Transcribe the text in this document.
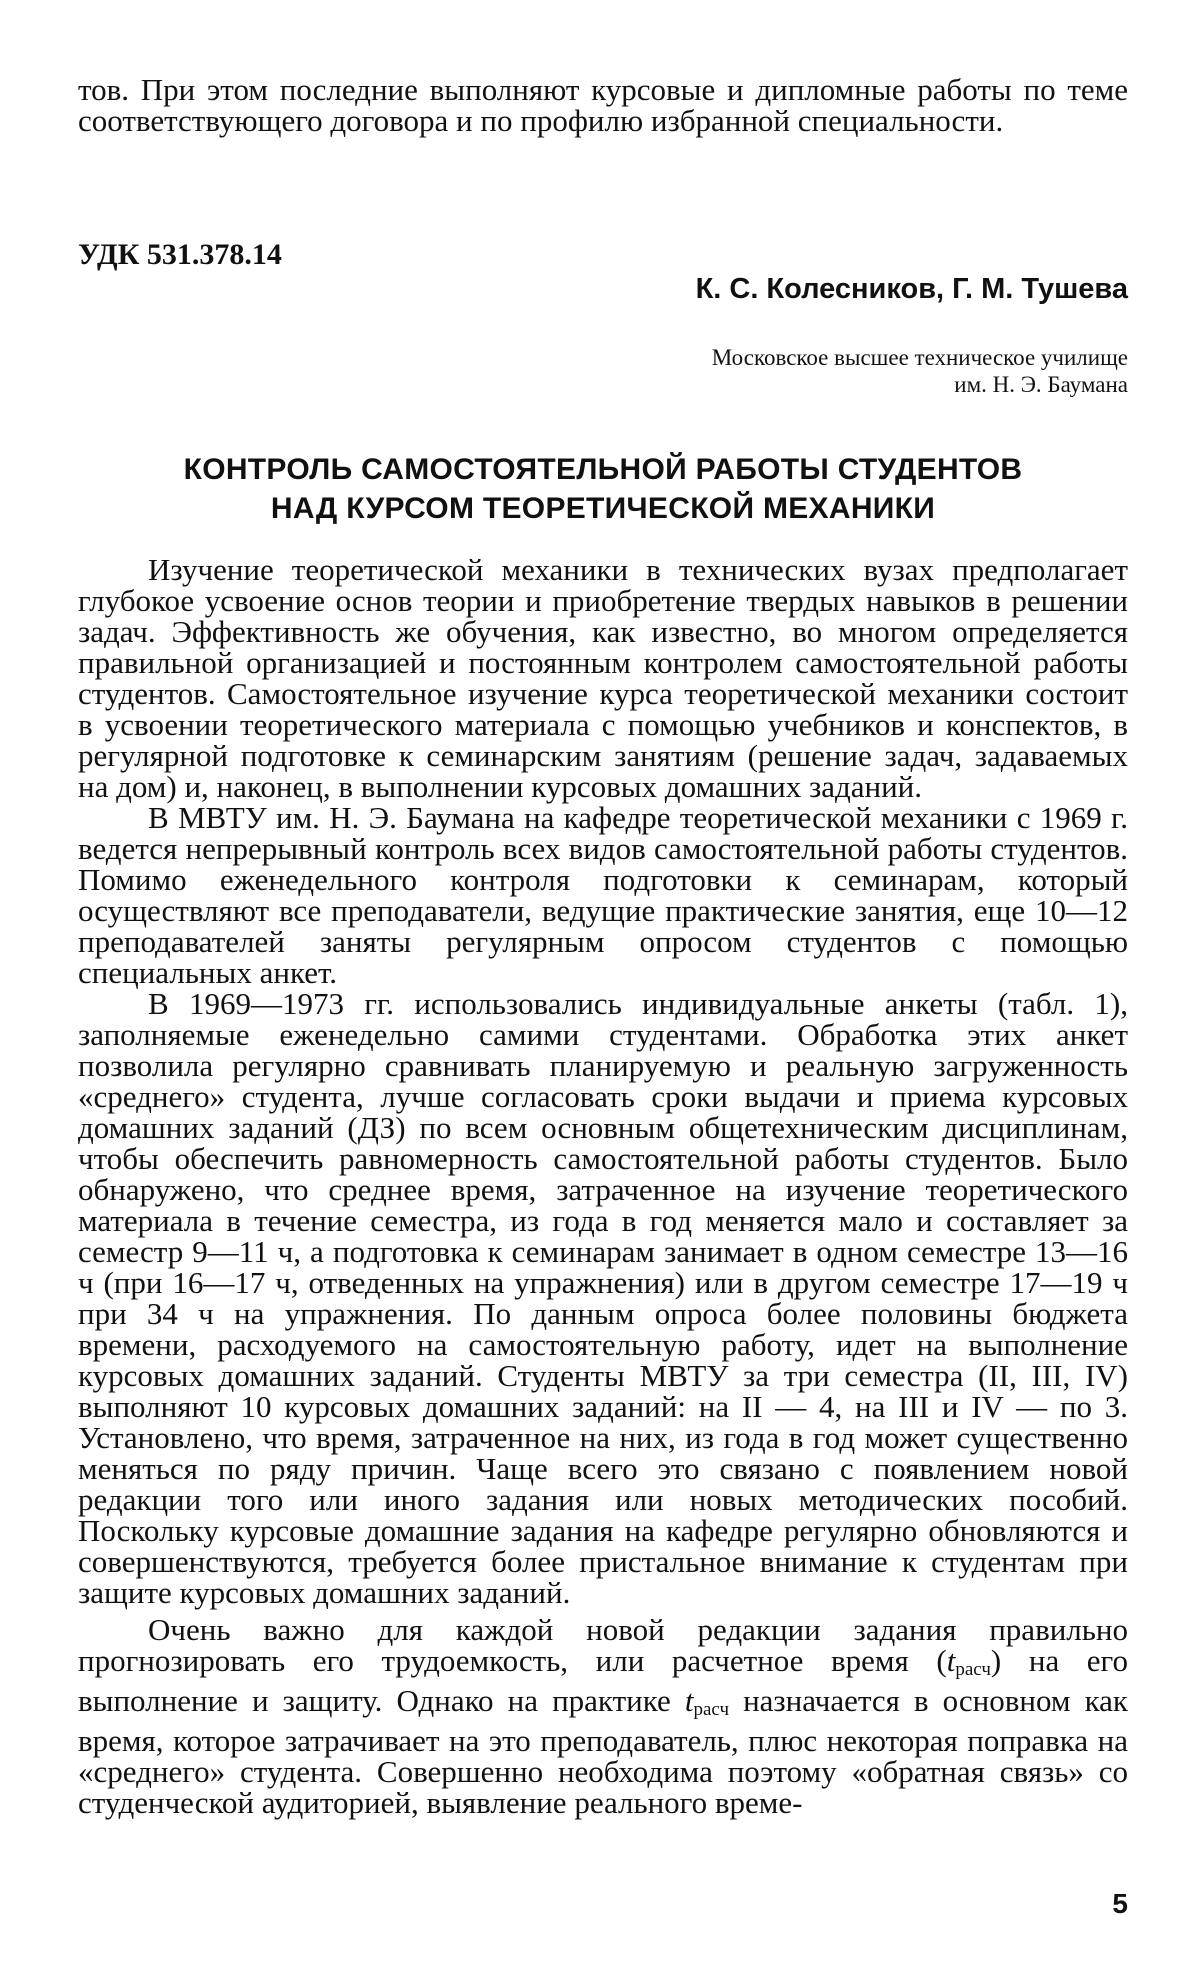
тов. При этом последние выполняют курсовые и дипломные работы по теме соответствующего договора и по профилю избранной специальности.

УДК 531.378.14

К. С. Колесников, Г. М. Тушева

Московское высшее техническое училище
им. Н. Э. Баумана

КОНТРОЛЬ САМОСТОЯТЕЛЬНОЙ РАБОТЫ СТУДЕНТОВ
НАД КУРСОМ ТЕОРЕТИЧЕСКОЙ МЕХАНИКИ

Изучение теоретической механики в технических вузах предполагает глубокое усвоение основ теории и приобретение твердых навыков в решении задач. Эффективность же обучения, как известно, во многом определяется правильной организацией и постоянным контролем самостоятельной работы студентов. Самостоятельное изучение курса теоретической механики состоит в усвоении теоретического материала с помощью учебников и конспектов, в регулярной подготовке к семинарским занятиям (решение задач, задаваемых на дом) и, наконец, в выполнении курсовых домашних заданий.

В МВТУ им. Н. Э. Баумана на кафедре теоретической механики с 1969 г. ведется непрерывный контроль всех видов самостоятельной работы студентов. Помимо еженедельного контроля подготовки к семинарам, который осуществляют все преподаватели, ведущие практические занятия, еще 10—12 преподавателей заняты регулярным опросом студентов с помощью специальных анкет.

В 1969—1973 гг. использовались индивидуальные анкеты (табл. 1), заполняемые еженедельно самими студентами. Обработка этих анкет позволила регулярно сравнивать планируемую и реальную загруженность «среднего» студента, лучше согласовать сроки выдачи и приема курсовых домашних заданий (ДЗ) по всем основным общетехническим дисциплинам, чтобы обеспечить равномерность самостоятельной работы студентов. Было обнаружено, что среднее время, затраченное на изучение теоретического материала в течение семестра, из года в год меняется мало и составляет за семестр 9—11 ч, а подготовка к семинарам занимает в одном семестре 13—16 ч (при 16—17 ч, отведенных на упражнения) или в другом семестре 17—19 ч при 34 ч на упражнения. По данным опроса более половины бюджета времени, расходуемого на самостоятельную работу, идет на выполнение курсовых домашних заданий. Студенты МВТУ за три семестра (II, III, IV) выполняют 10 курсовых домашних заданий: на II — 4, на III и IV — по 3. Установлено, что время, затраченное на них, из года в год может существенно меняться по ряду причин. Чаще всего это связано с появлением новой редакции того или иного задания или новых методических пособий. Поскольку курсовые домашние задания на кафедре регулярно обновляются и совершенствуются, требуется более пристальное внимание к студентам при защите курсовых домашних заданий.

Очень важно для каждой новой редакции задания правильно прогнозировать его трудоемкость, или расчетное время $(t_{расч})$ на его выполнение и защиту. Однако на практике $t_{расч}$ назначается в основном как время, которое затрачивает на это преподаватель, плюс некоторая поправка на «среднего» студента. Совершенно необходима поэтому «обратная связь» со студенческой аудиторией, выявление реального време-

5
